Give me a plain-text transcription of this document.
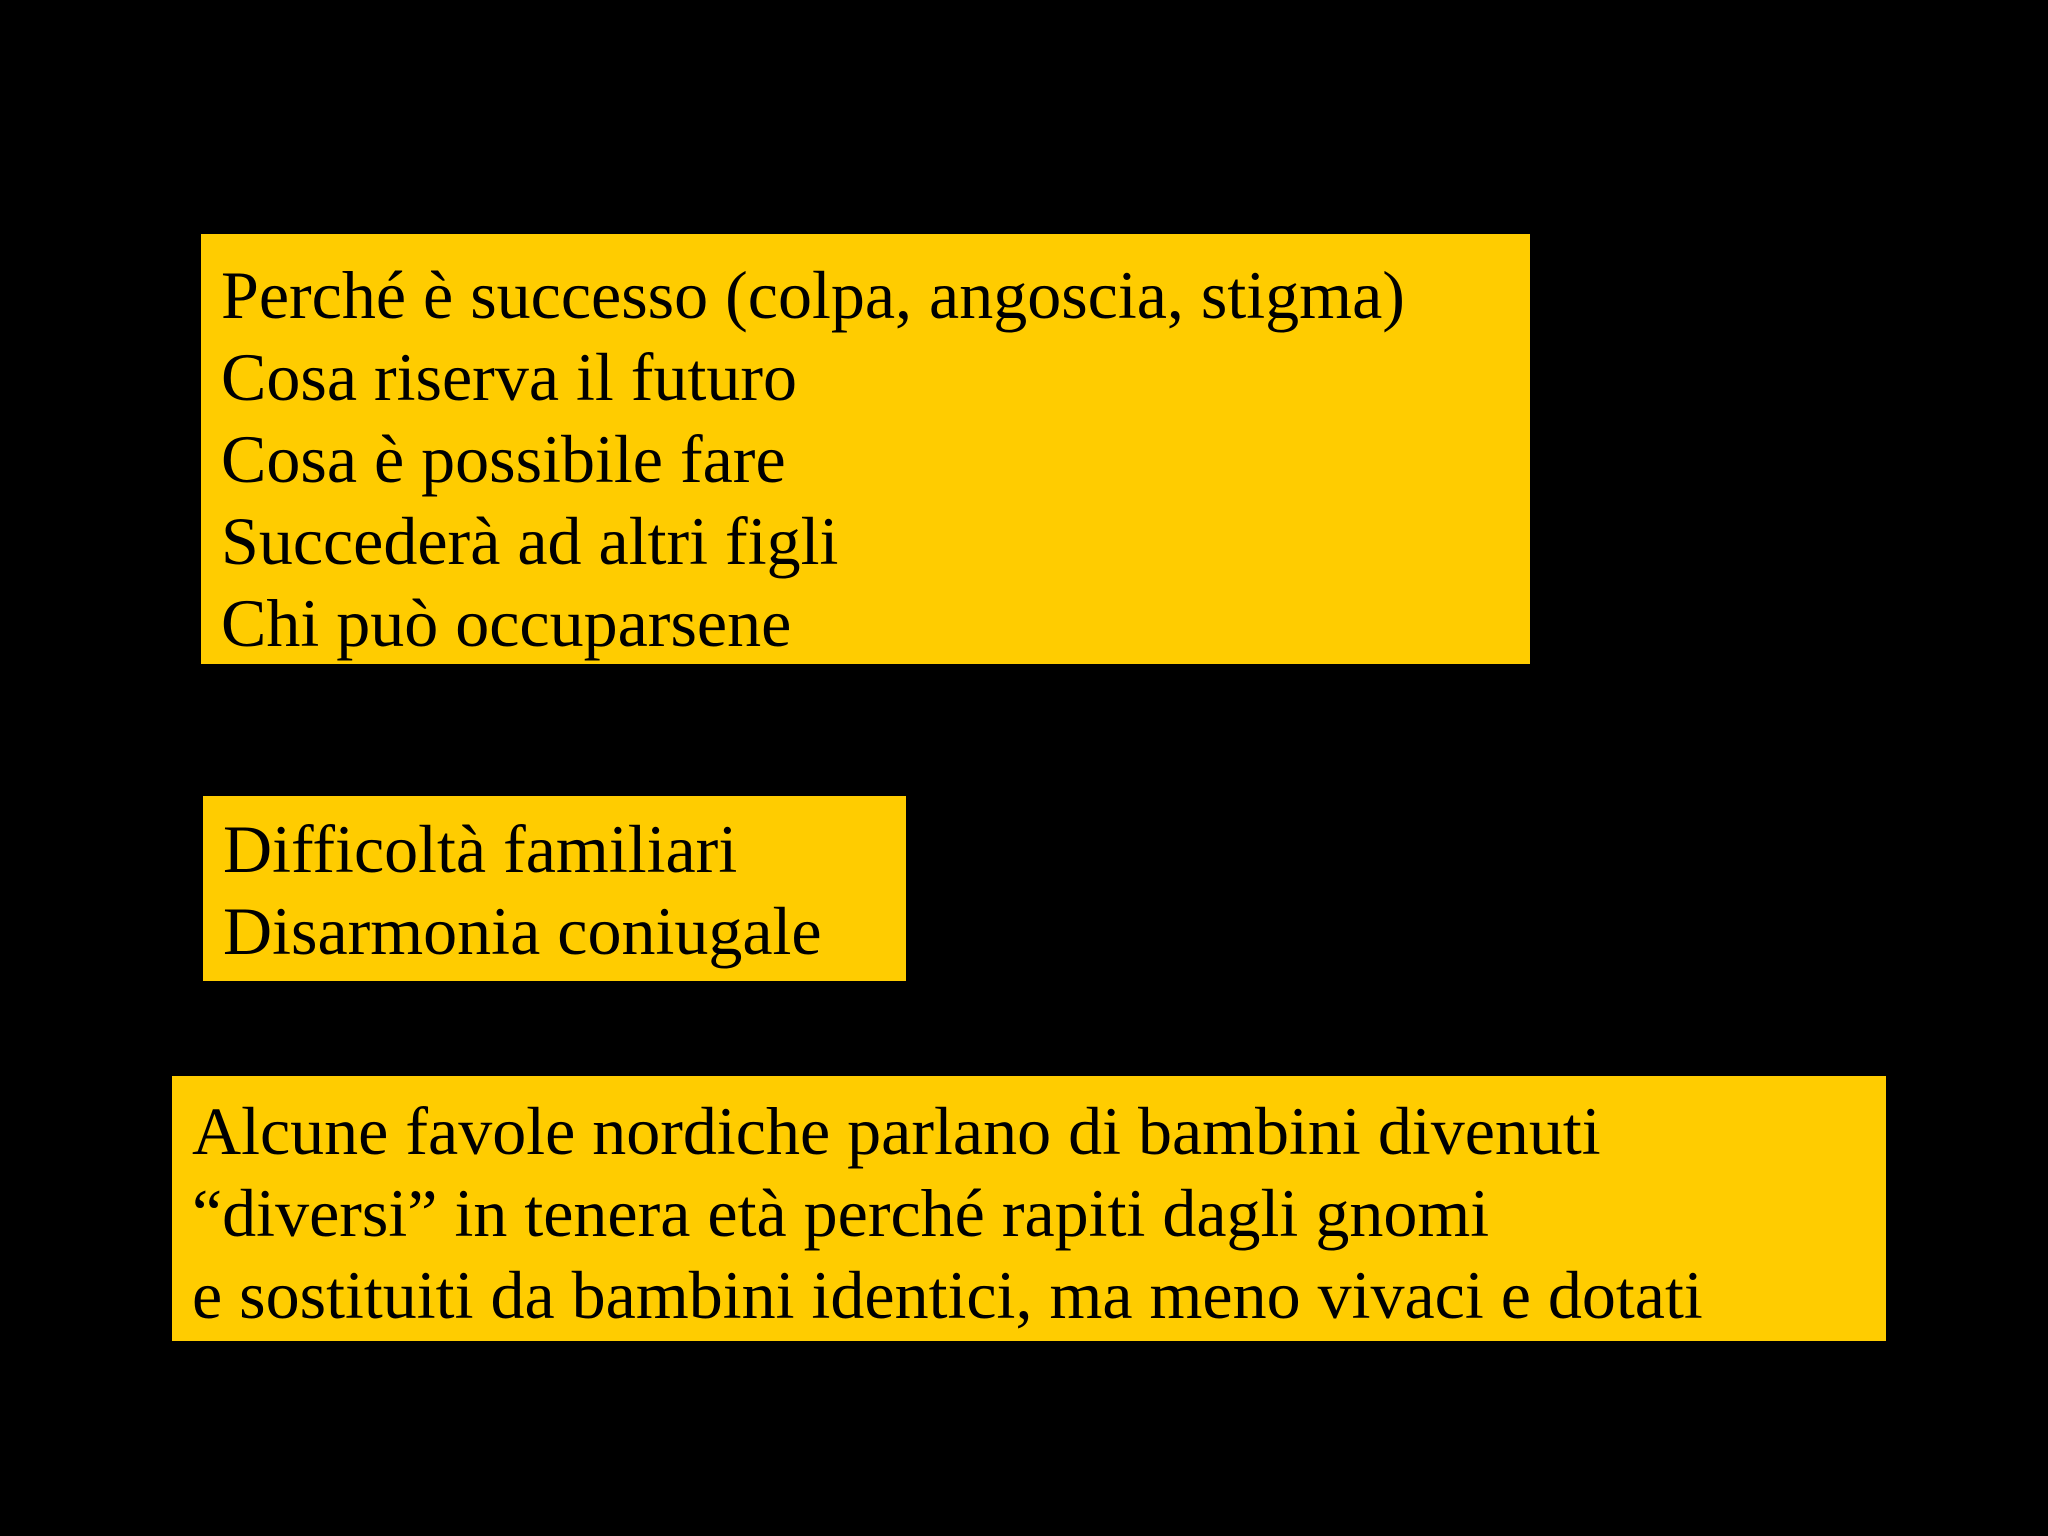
Perché è successo (colpa, angoscia, stigma)
Cosa riserva il futuro
Cosa è possibile fare
Succederà ad altri figli
Chi può occuparsene
Difficoltà familiari
Disarmonia coniugale
Alcune favole nordiche parlano di bambini divenuti
“diversi” in tenera età perché rapiti dagli gnomi
e sostituiti da bambini identici, ma meno vivaci e dotati
